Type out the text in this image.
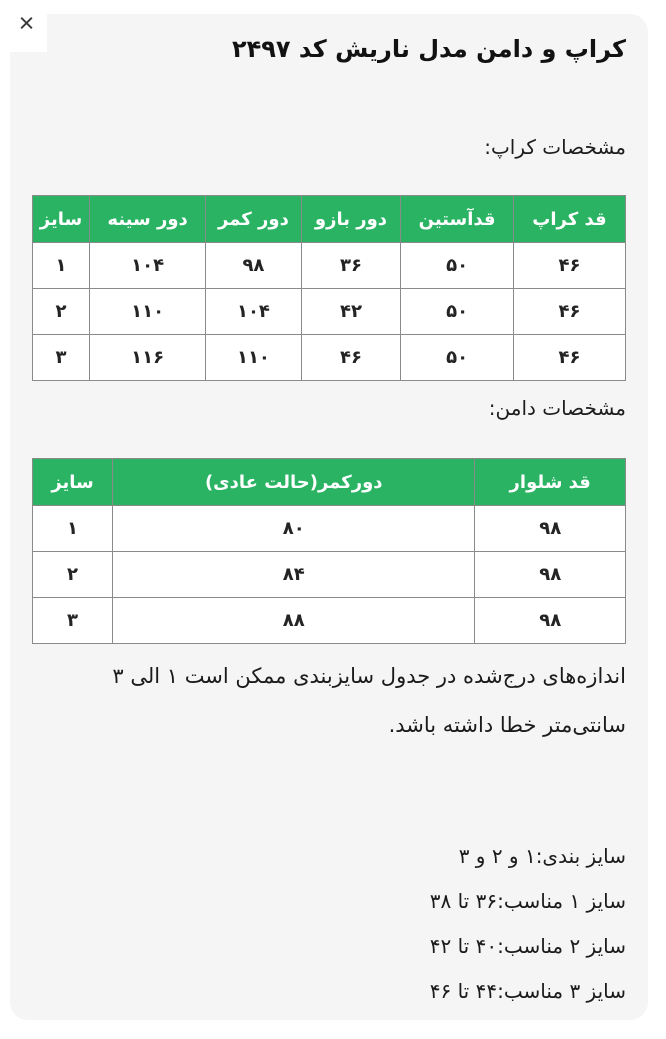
کراپ و دامن مدل ناریش کد ۲۴۹۷

مشخصات کراپ:

قد کراپ	قدآستین	دور بازو	دور کمر	دور سینه	سایز
۴۶	۵۰	۳۶	۹۸	۱۰۴	۱
۴۶	۵۰	۴۲	۱۰۴	۱۱۰	۲
۴۶	۵۰	۴۶	۱۱۰	۱۱۶	۳

مشخصات دامن:

قد شلوار	دورکمر(حالت عادی)	سایز
۹۸	۸۰	۱
۹۸	۸۴	۲
۹۸	۸۸	۳

اندازه‌های درج‌شده در جدول سایزبندی ممکن است ۱ الی ۳

سانتی‌متر خطا داشته باشد.

سایز بندی:۱ و ۲ و ۳

سایز ۱ مناسب:۳۶ تا ۳۸

سایز ۲ مناسب:۴۰ تا ۴۲

سایز ۳ مناسب:۴۴ تا ۴۶

×
